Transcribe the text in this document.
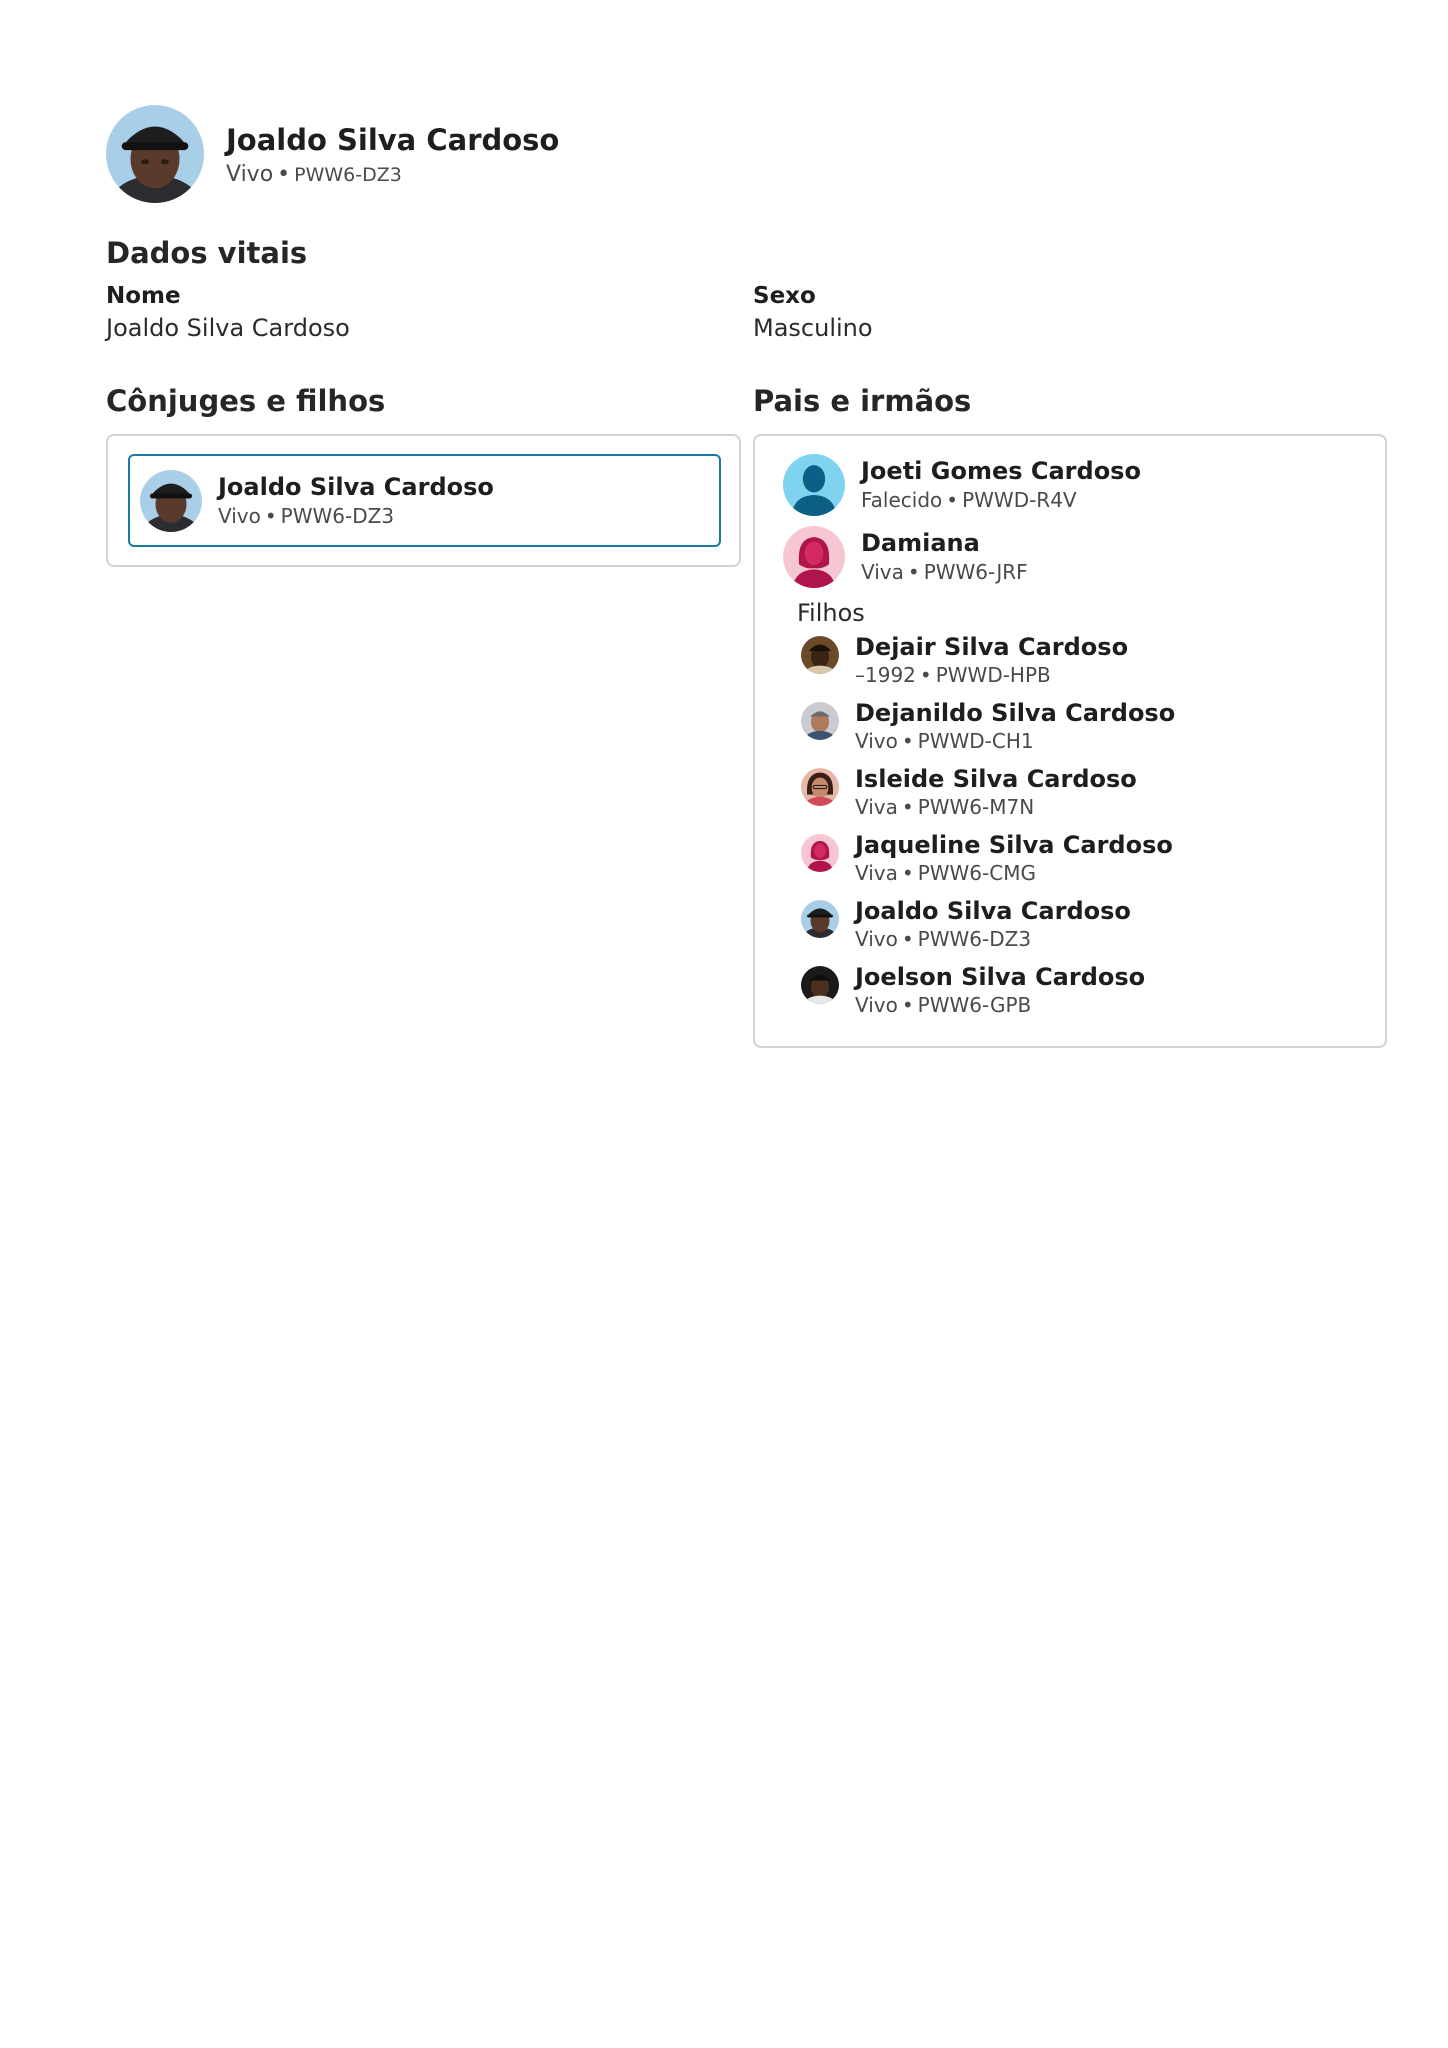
Joaldo Silva Cardoso
Vivo • PWW6-DZ3
Dados vitais
Nome
Joaldo Silva Cardoso
Sexo
Masculino
Cônjuges e filhos
Joaldo Silva Cardoso
Vivo • PWW6-DZ3
Pais e irmãos
Joeti Gomes Cardoso
Falecido • PWWD-R4V
Damiana
Viva • PWW6-JRF
Filhos
Dejair Silva Cardoso
–1992 • PWWD-HPB
Dejanildo Silva Cardoso
Vivo • PWWD-CH1
Isleide Silva Cardoso
Viva • PWW6-M7N
Jaqueline Silva Cardoso
Viva • PWW6-CMG
Joaldo Silva Cardoso
Vivo • PWW6-DZ3
Joelson Silva Cardoso
Vivo • PWW6-GPB
